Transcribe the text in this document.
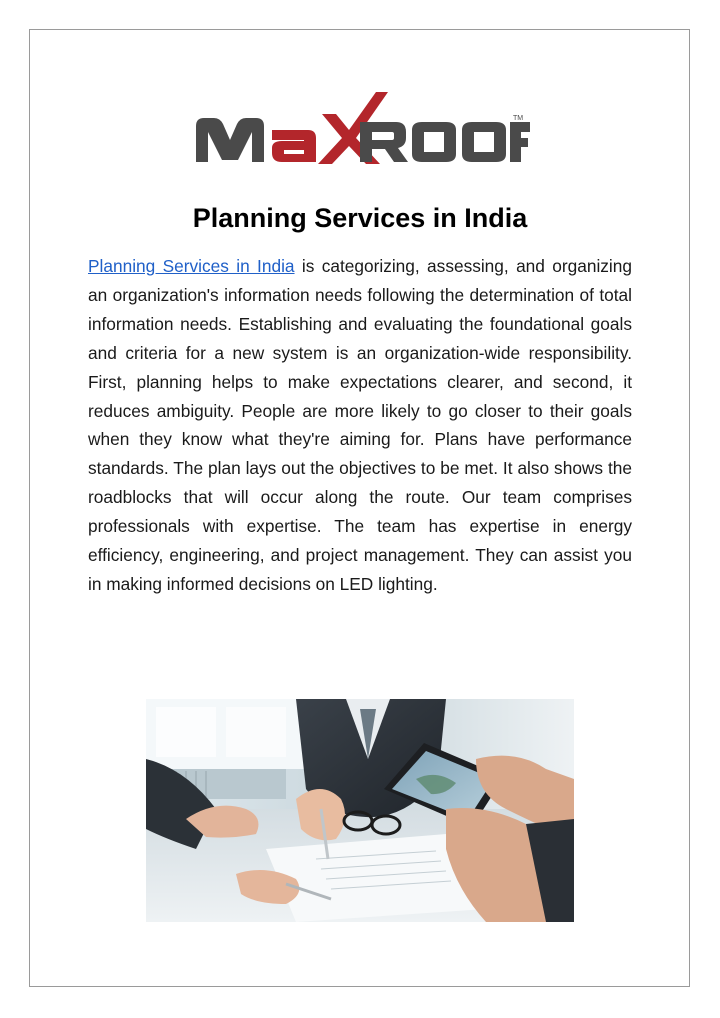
TM
Planning Services in India

Planning Services in India is categorizing, assessing, and organizing an organization's information needs following the determination of total information needs. Establishing and evaluating the foundational goals and criteria for a new system is an organization-wide responsibility. First, planning helps to make expectations clearer, and second, it reduces ambiguity. People are more likely to go closer to their goals when they know what they're aiming for. Plans have performance standards. The plan lays out the objectives to be met. It also shows the roadblocks that will occur along the route. Our team comprises professionals with expertise. The team has expertise in energy efficiency, engineering, and project management. They can assist you in making informed decisions on LED lighting.
